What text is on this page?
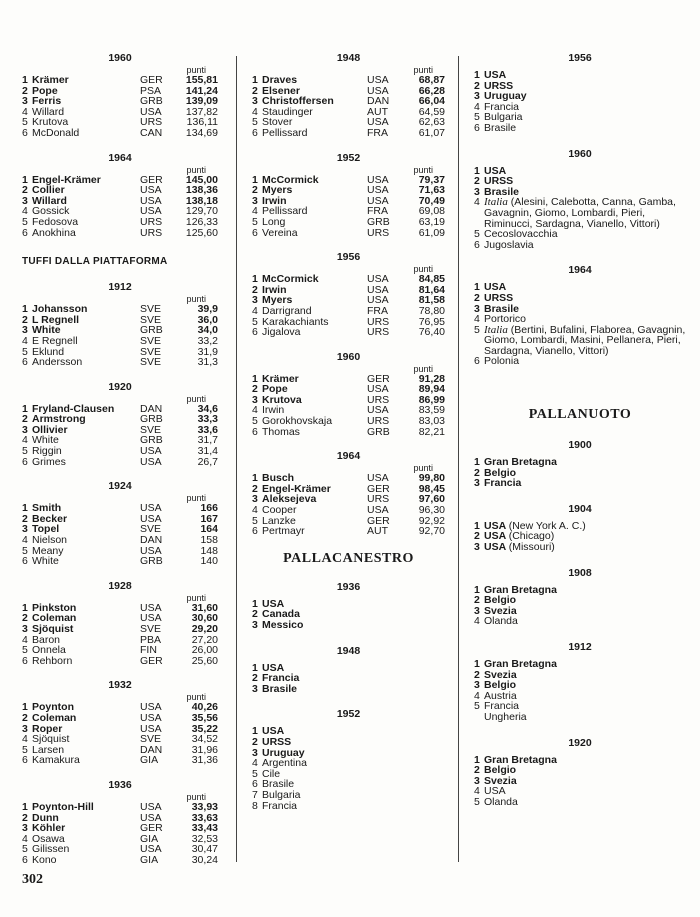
1960
punti
1 Krämer	GER	155,81
2 Pope	PSA	141,24
3 Ferris	GRB	139,09
4 Willard	USA	137,82
5 Krutova	URS	136,11
6 McDonald	CAN	134,69
1964
punti
1 Engel-Krämer	GER	145,00
2 Collier	USA	138,36
3 Willard	USA	138,18
4 Gossick	USA	129,70
5 Fedosova	URS	126,33
6 Anokhina	URS	125,60
TUFFI DALLA PIATTAFORMA
1912
punti
1 Johansson	SVE	39,9
2 L Regnell	SVE	36,0
3 White	GRB	34,0
4 E Regnell	SVE	33,2
5 Eklund	SVE	31,9
6 Andersson	SVE	31,3
1920
punti
1 Fryland-Clausen	DAN	34,6
2 Armstrong	GRB	33,3
3 Ollivier	SVE	33,6
4 White	GRB	31,7
5 Riggin	USA	31,4
6 Grimes	USA	26,7
1924
punti
1 Smith	USA	166
2 Becker	USA	167
3 Topel	SVE	164
4 Nielson	DAN	158
5 Meany	USA	148
6 White	GRB	140
1928
punti
1 Pinkston	USA	31,60
2 Coleman	USA	30,60
3 Sjöquist	SVE	29,20
4 Baron	PBA	27,20
5 Onnela	FIN	26,00
6 Rehborn	GER	25,60
1932
punti
1 Poynton	USA	40,26
2 Coleman	USA	35,56
3 Roper	USA	35,22
4 Sjöquist	SVE	34,52
5 Larsen	DAN	31,96
6 Kamakura	GIA	31,36
1936
punti
1 Poynton-Hill	USA	33,93
2 Dunn	USA	33,63
3 Köhler	GER	33,43
4 Osawa	GIA	32,53
5 Gilissen	USA	30,47
6 Kono	GIA	30,24
1948
punti
1 Draves	USA	68,87
2 Elsener	USA	66,28
3 Christoffersen	DAN	66,04
4 Staudinger	AUT	64,59
5 Stover	USA	62,63
6 Pellissard	FRA	61,07
1952
punti
1 McCormick	USA	79,37
2 Myers	USA	71,63
3 Irwin	USA	70,49
4 Pellissard	FRA	69,08
5 Long	GRB	63,19
6 Vereina	URS	61,09
1956
punti
1 McCormick	USA	84,85
2 Irwin	USA	81,64
3 Myers	USA	81,58
4 Darrigrand	FRA	78,80
5 Karakachiants	URS	76,95
6 Jigalova	URS	76,40
1960
punti
1 Krämer	GER	91,28
2 Pope	USA	89,94
3 Krutova	URS	86,99
4 Irwin	USA	83,59
5 Gorokhovskaja	URS	83,03
6 Thomas	GRB	82,21
1964
punti
1 Busch	USA	99,80
2 Engel-Krämer	GER	98,45
3 Aleksejeva	URS	97,60
4 Cooper	USA	96,30
5 Lanzke	GER	92,92
6 Pertmayr	AUT	92,70
PALLACANESTRO
1936
1 USA
2 Canada
3 Messico
1948
1 USA
2 Francia
3 Brasile
1952
1 USA
2 URSS
3 Uruguay
4 Argentina
5 Cile
6 Brasile
7 Bulgaria
8 Francia
1956
1 USA
2 URSS
3 Uruguay
4 Francia
5 Bulgaria
6 Brasile
1960
1 USA
2 URSS
3 Brasile
4 Italia (Alesini, Calebotta, Canna, Gamba, Gavagnin, Giomo, Lombardi, Pieri, Riminucci, Sardagna, Vianello, Vittori)
5 Cecoslovacchia
6 Jugoslavia
1964
1 USA
2 URSS
3 Brasile
4 Portorico
5 Italia (Bertini, Bufalini, Flaborea, Gavagnin, Giomo, Lombardi, Masini, Pellanera, Pieri, Sardagna, Vianello, Vittori)
6 Polonia
PALLANUOTO
1900
1 Gran Bretagna
2 Belgio
3 Francia
1904
1 USA (New York A. C.)
2 USA (Chicago)
3 USA (Missouri)
1908
1 Gran Bretagna
2 Belgio
3 Svezia
4 Olanda
1912
1 Gran Bretagna
2 Svezia
3 Belgio
4 Austria
5 Francia
Ungheria
1920
1 Gran Bretagna
2 Belgio
3 Svezia
4 USA
5 Olanda
302
